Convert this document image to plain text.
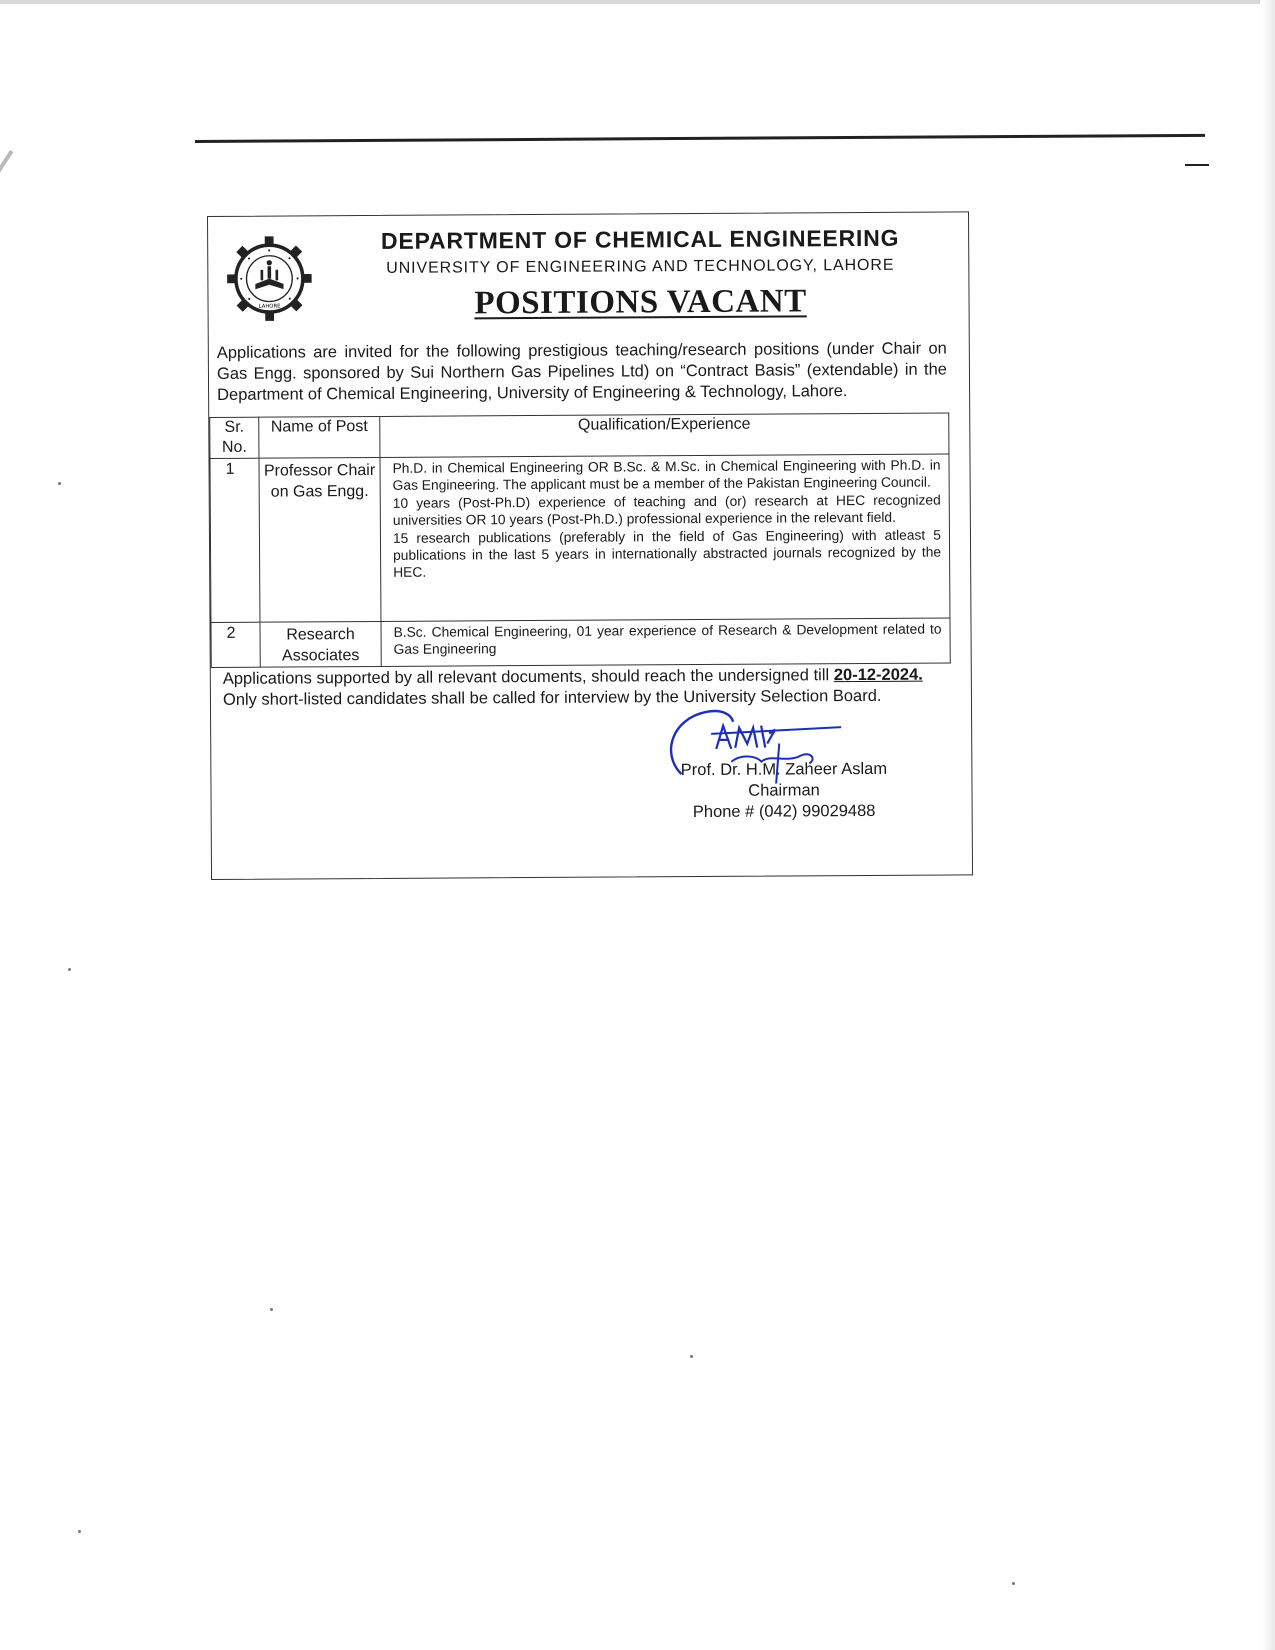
LAHORE
DEPARTMENT OF CHEMICAL ENGINEERING
UNIVERSITY OF ENGINEERING AND TECHNOLOGY, LAHORE
POSITIONS VACANT
Applications are invited for the following prestigious teaching/research positions (under Chair on Gas Engg. sponsored by Sui Northern Gas Pipelines Ltd) on “Contract Basis” (extendable) in the Department of Chemical Engineering, University of Engineering & Technology, Lahore.
Sr. No.	Name of Post	Qualification/Experience
1	Professor Chair on Gas Engg.	Ph.D. in Chemical Engineering OR B.Sc. & M.Sc. in Chemical Engineering with Ph.D. in Gas Engineering. The applicant must be a member of the Pakistan Engineering Council.

10 years (Post-Ph.D) experience of teaching and (or) research at HEC recognized universities OR 10 years (Post-Ph.D.) professional experience in the relevant field.

15 research publications (preferably in the field of Gas Engineering) with atleast 5 publications in the last 5 years in internationally abstracted journals recognized by the HEC.

2	Research Associates	B.Sc. Chemical Engineering, 01 year experience of Research & Development related to Gas Engineering

Applications supported by all relevant documents, should reach the undersigned till 20-12-2024. Only short-listed candidates shall be called for interview by the University Selection Board.
Prof. Dr. H.M. Zaheer Aslam
Chairman
Phone # (042) 99029488
